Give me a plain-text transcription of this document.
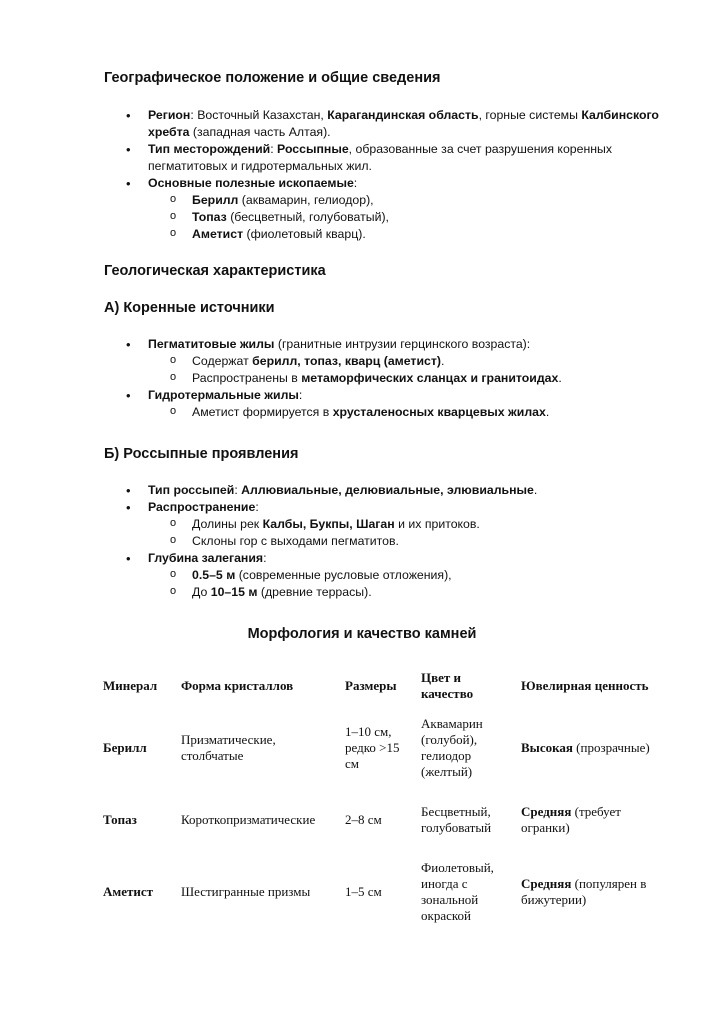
Географическое положение и общие сведения
• Регион: Восточный Казахстан, Карагандинская область, горные системы Калбинского
хребта (западная часть Алтая).
• Тип месторождений: Россыпные, образованные за счет разрушения коренных
пегматитовых и гидротермальных жил.
• Основные полезные ископаемые:
o Берилл (аквамарин, гелиодор),
o Топаз (бесцветный, голубоватый),
o Аметист (фиолетовый кварц).
Геологическая характеристика
А) Коренные источники
• Пегматитовые жилы (гранитные интрузии герцинского возраста):
o Содержат берилл, топаз, кварц (аметист).
o Распространены в метаморфических сланцах и гранитоидах.
• Гидротермальные жилы:
o Аметист формируется в хрусталеносных кварцевых жилах.
Б) Россыпные проявления
• Тип россыпей: Аллювиальные, делювиальные, элювиальные.
• Распространение:
o Долины рек Калбы, Букпы, Шаган и их притоков.
o Склоны гор с выходами пегматитов.
• Глубина залегания:
o 0.5–5 м (современные русловые отложения),
o До 10–15 м (древние террасы).
Морфология и качество камней
Минерал	Форма кристаллов	Размеры	Цвет и качество	Ювелирная ценность
Берилл	Призматические, столбчатые	1–10 см, редко >15 см	Аквамарин (голубой), гелиодор (желтый)	Высокая (прозрачные)
Топаз	Короткопризматические	2–8 см	Бесцветный, голубоватый	Средняя (требует огранки)
Аметист	Шестигранные призмы	1–5 см	Фиолетовый, иногда с зональной окраской	Средняя (популярен в бижутерии)
